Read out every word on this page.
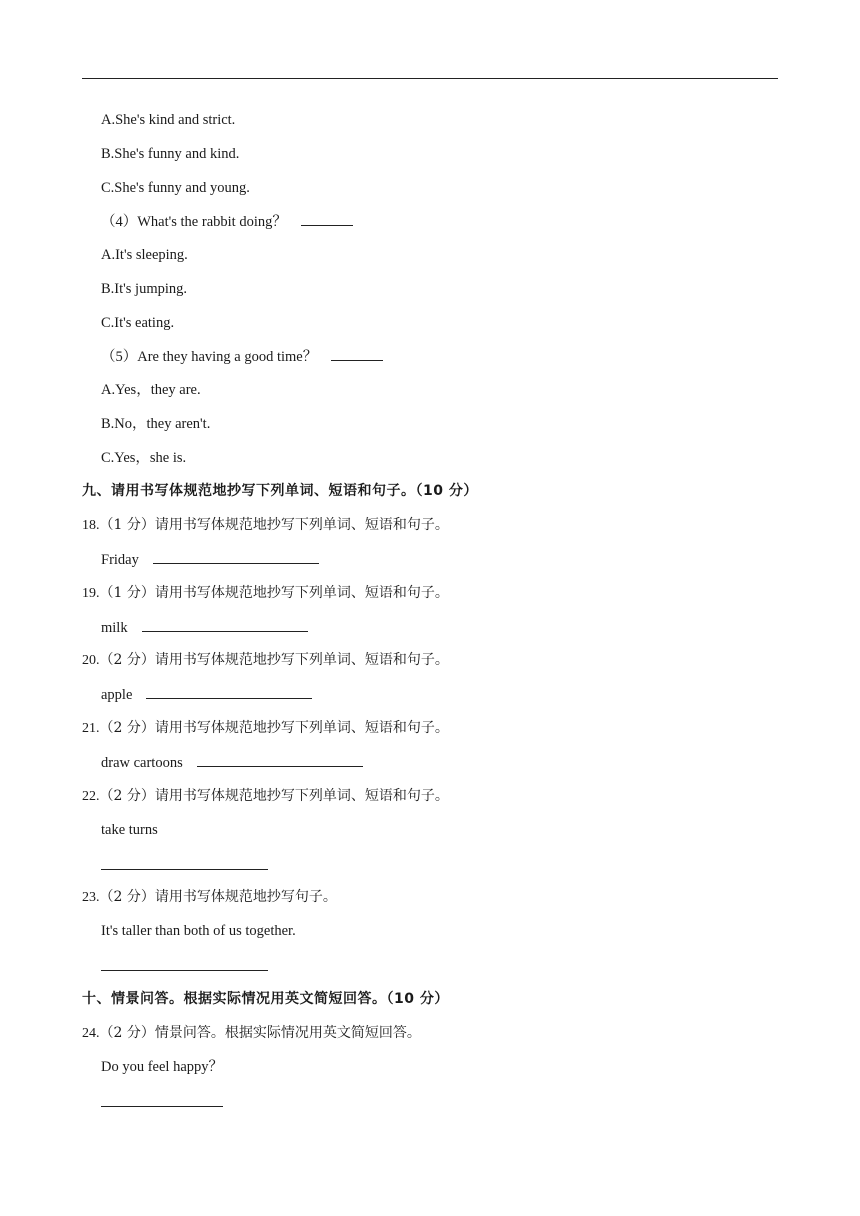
A.She's kind and strict.
B.She's funny and kind.
C.She's funny and young.
（4）What's the rabbit doing？
A.It's sleeping.
B.It's jumping.
C.It's eating.
（5）Are they having a good time？
A.Yes，they are.
B.No，they aren't.
C.Yes，she is.
九、请用书写体规范地抄写下列单词、短语和句子。（10 分）
18.（1 分）请用书写体规范地抄写下列单词、短语和句子。
Friday
19.（1 分）请用书写体规范地抄写下列单词、短语和句子。
milk
20.（2 分）请用书写体规范地抄写下列单词、短语和句子。
apple
21.（2 分）请用书写体规范地抄写下列单词、短语和句子。
draw cartoons
22.（2 分）请用书写体规范地抄写下列单词、短语和句子。
take turns
23.（2 分）请用书写体规范地抄写句子。
It's taller than both of us together.
十、情景问答。根据实际情况用英文简短回答。（10 分）
24.（2 分）情景问答。根据实际情况用英文简短回答。
Do you feel happy？
